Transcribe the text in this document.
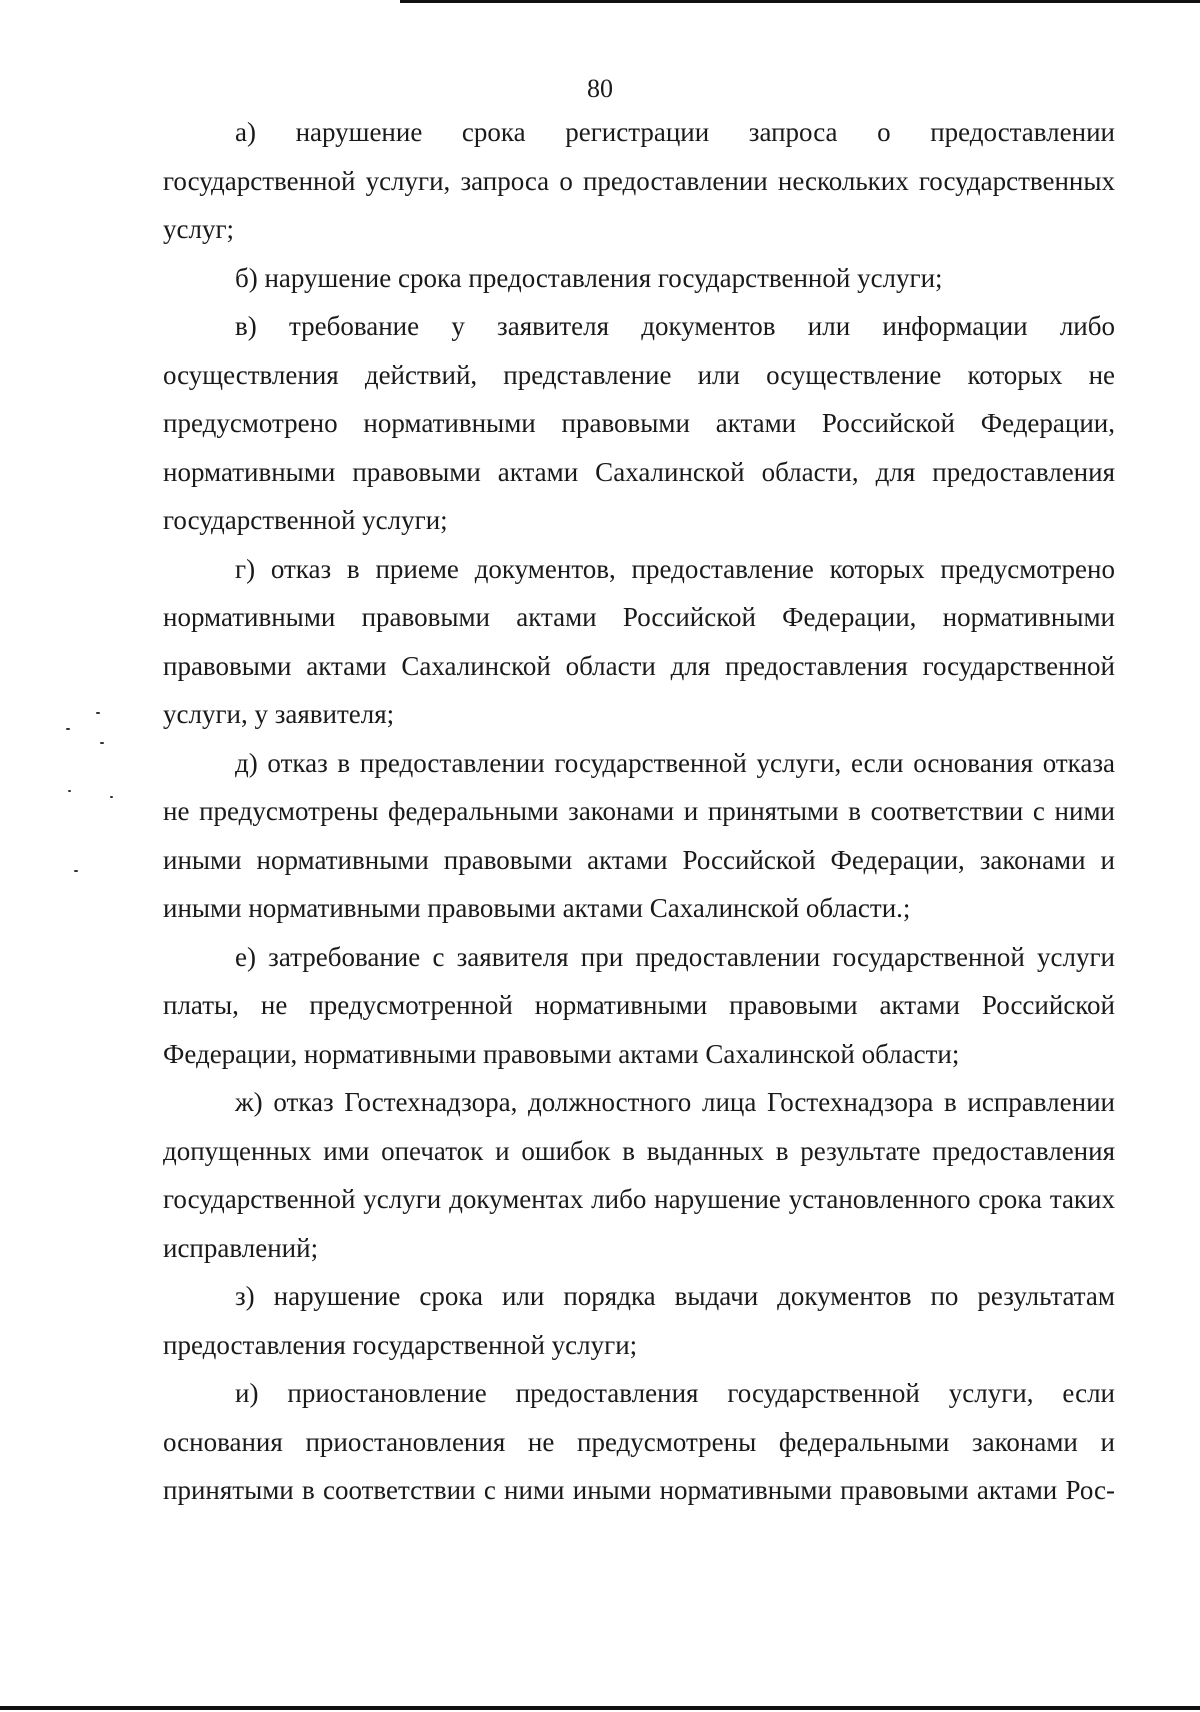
80

а) нарушение срока регистрации запроса о предоставлении государственной услуги, запроса о предоставлении нескольких государственных услуг;

б) нарушение срока предоставления государственной услуги;

в) требование у заявителя документов или информации либо осуществления действий, представление или осуществление которых не предусмотрено нормативными правовыми актами Российской Федерации, нормативными правовыми актами Сахалинской области, для предоставления государственной услуги;

г) отказ в приеме документов, предоставление которых предусмотрено нормативными правовыми актами Российской Федерации, нормативными правовыми актами Сахалинской области для предоставления государственной услуги, у заявителя;

д) отказ в предоставлении государственной услуги, если основания отказа не предусмотрены федеральными законами и принятыми в соответствии с ними иными нормативными правовыми актами Российской Федерации, законами и иными нормативными правовыми актами Сахалинской области.;

е) затребование с заявителя при предоставлении государственной услуги платы, не предусмотренной нормативными правовыми актами Российской Федерации, нормативными правовыми актами Сахалинской области;

ж) отказ Гостехнадзора, должностного лица Гостехнадзора в исправлении допущенных ими опечаток и ошибок в выданных в результате предоставления государственной услуги документах либо нарушение установленного срока таких исправлений;

з) нарушение срока или порядка выдачи документов по результатам предоставления государственной услуги;

и) приостановление предоставления государственной услуги, если основания приостановления не предусмотрены федеральными законами и принятыми в соответствии с ними иными нормативными правовыми актами Рос-
